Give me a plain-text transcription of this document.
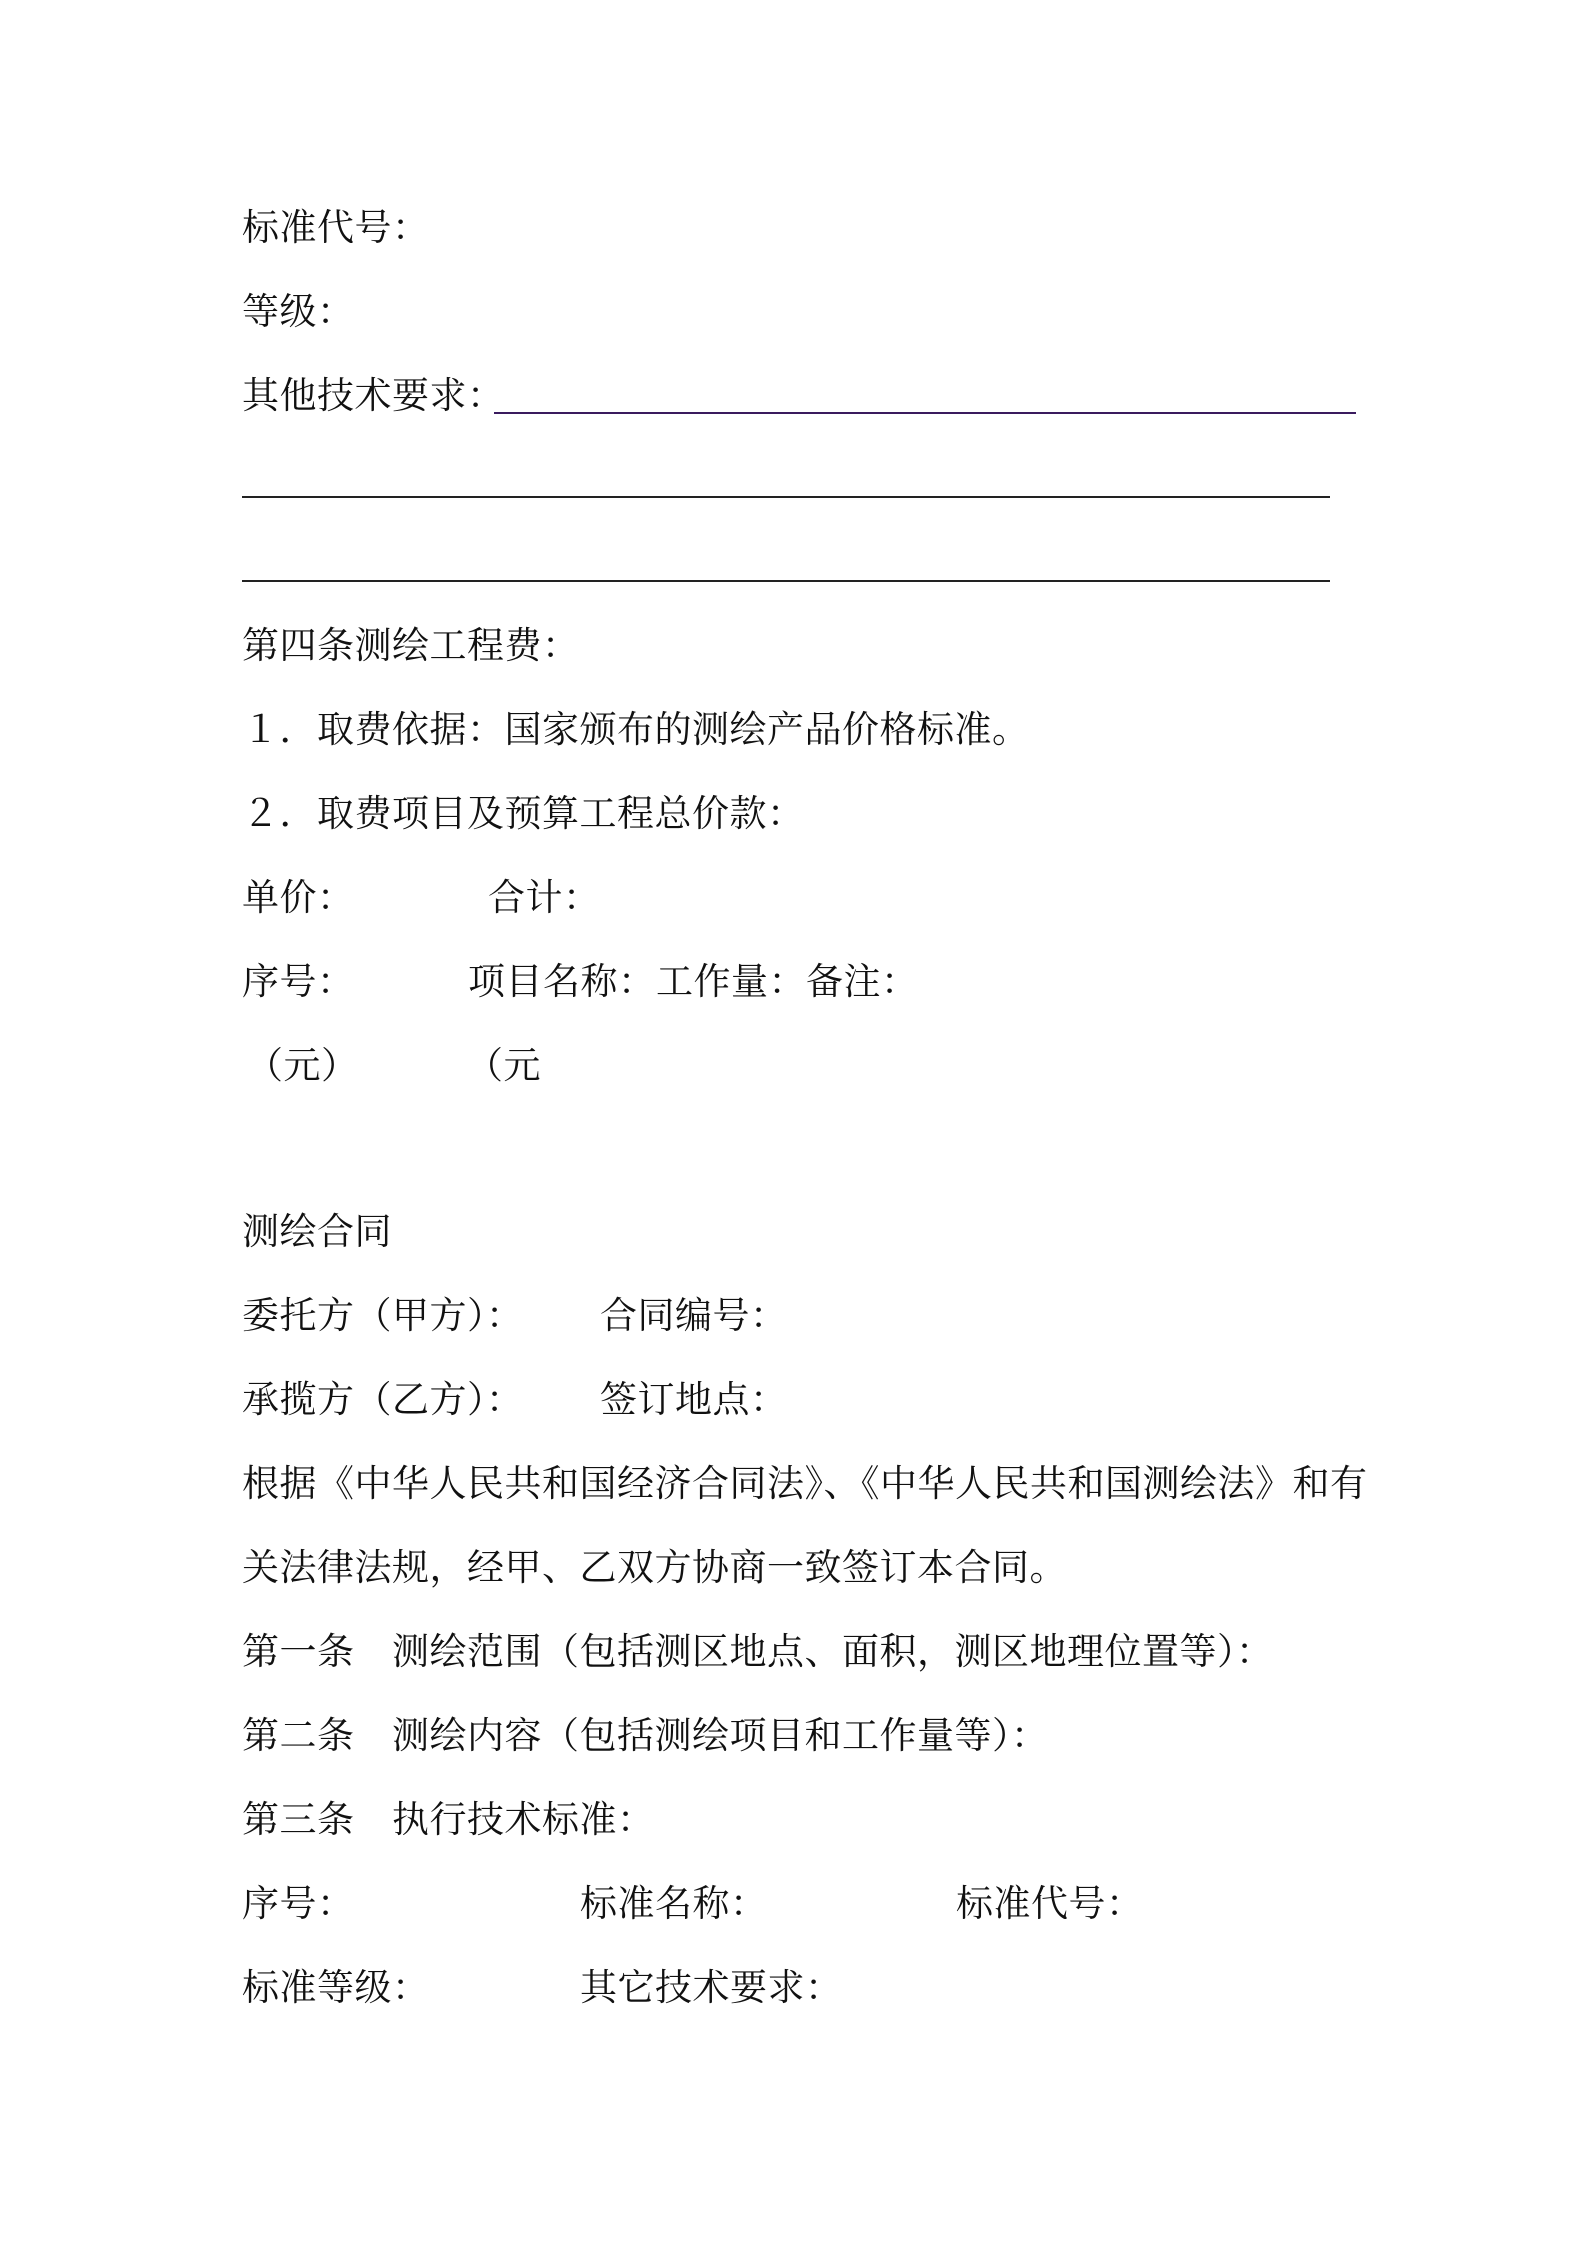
标准代号：
等级：
其他技术要求：
第四条测绘工程费：
１．取费依据：国家颁布的测绘产品价格标准。
２．取费项目及预算工程总价款：
单价：	合计：
序号：	项目名称： 工作量： 备注：
（元）	（元
测绘合同
委托方（甲方）： 合同编号：
承揽方（乙方）： 签订地点：
根据《中华人民共和国经济合同法》、《中华人民共和国测绘法》和有
关法律法规，经甲、乙双方协商一致签订本合同。
第一条 测绘范围（包括测区地点、面积，测区地理位置等）：
第二条 测绘内容（包括测绘项目和工作量等）：
第三条 执行技术标准：
序号：	标准名称：	标准代号：
标准等级：	其它技术要求：
